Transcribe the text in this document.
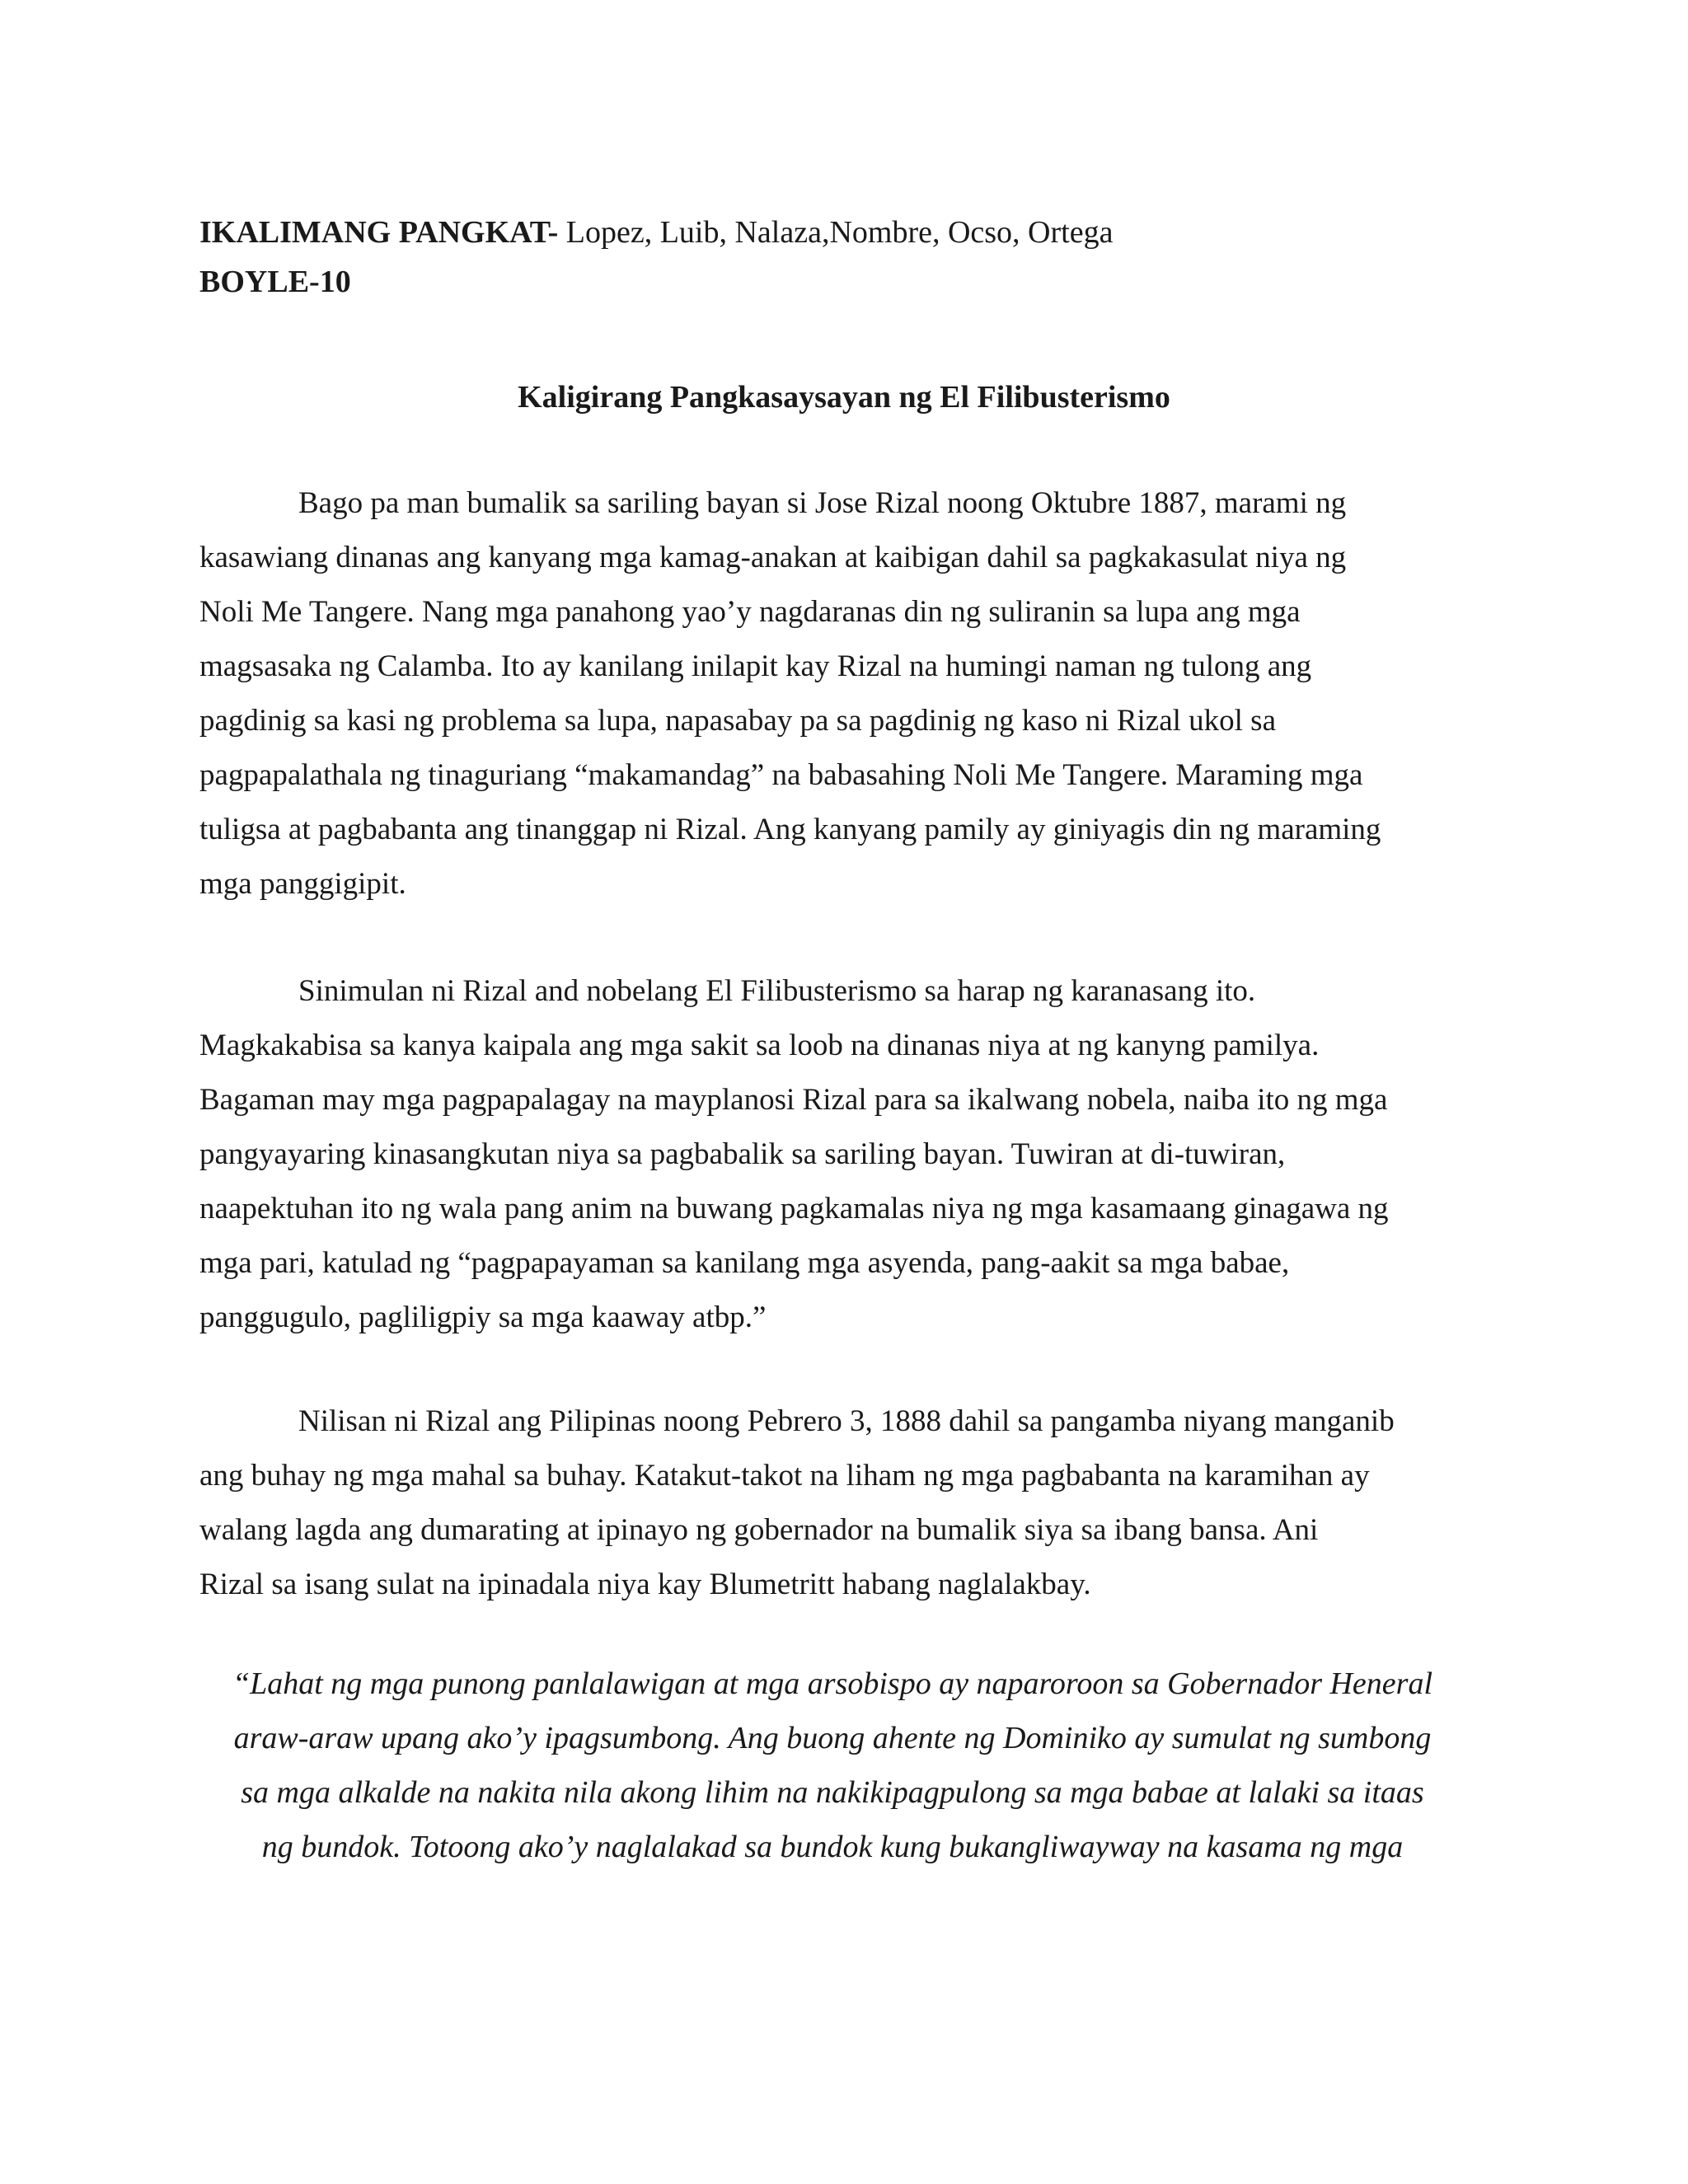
IKALIMANG PANGKAT- Lopez, Luib, Nalaza,Nombre, Ocso, Ortega
BOYLE-10
Kaligirang Pangkasaysayan ng El Filibusterismo
Bago pa man bumalik sa sariling bayan si Jose Rizal noong Oktubre 1887, marami ng
kasawiang dinanas ang kanyang mga kamag-anakan at kaibigan dahil sa pagkakasulat niya ng
Noli Me Tangere. Nang mga panahong yao’y nagdaranas din ng suliranin sa lupa ang mga
magsasaka ng Calamba. Ito ay kanilang inilapit kay Rizal na humingi naman ng tulong ang
pagdinig sa kasi ng problema sa lupa, napasabay pa sa pagdinig ng kaso ni Rizal ukol sa
pagpapalathala ng tinaguriang “makamandag” na babasahing Noli Me Tangere. Maraming mga
tuligsa at pagbabanta ang tinanggap ni Rizal. Ang kanyang pamily ay giniyagis din ng maraming
mga panggigipit.
Sinimulan ni Rizal and nobelang El Filibusterismo sa harap ng karanasang ito.
Magkakabisa sa kanya kaipala ang mga sakit sa loob na dinanas niya at ng kanyng pamilya.
Bagaman may mga pagpapalagay na mayplanosi Rizal para sa ikalwang nobela, naiba ito ng mga
pangyayaring kinasangkutan niya sa pagbabalik sa sariling bayan. Tuwiran at di-tuwiran,
naapektuhan ito ng wala pang anim na buwang pagkamalas niya ng mga kasamaang ginagawa ng
mga pari, katulad ng “pagpapayaman sa kanilang mga asyenda, pang-aakit sa mga babae,
panggugulo, pagliligpiy sa mga kaaway atbp.”
Nilisan ni Rizal ang Pilipinas noong Pebrero 3, 1888 dahil sa pangamba niyang manganib
ang buhay ng mga mahal sa buhay. Katakut-takot na liham ng mga pagbabanta na karamihan ay
walang lagda ang dumarating at ipinayo ng gobernador na bumalik siya sa ibang bansa. Ani
Rizal sa isang sulat na ipinadala niya kay Blumetritt habang naglalakbay.
“Lahat ng mga punong panlalawigan at mga arsobispo ay naparoroon sa Gobernador Heneral
araw-araw upang ako’y ipagsumbong. Ang buong ahente ng Dominiko ay sumulat ng sumbong
sa mga alkalde na nakita nila akong lihim na nakikipagpulong sa mga babae at lalaki sa itaas
ng bundok. Totoong ako’y naglalakad sa bundok kung bukangliwayway na kasama ng mga
